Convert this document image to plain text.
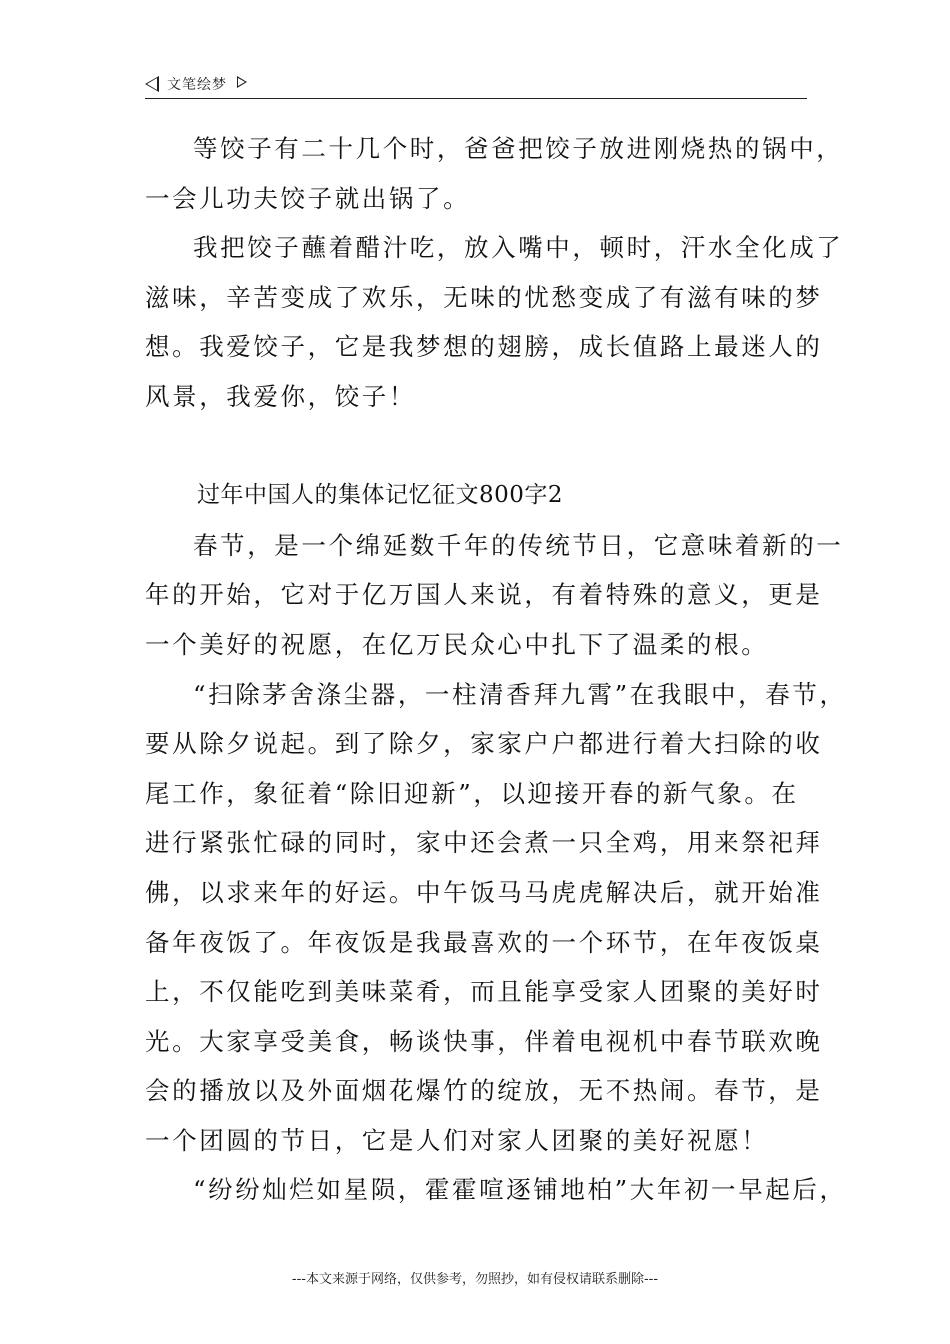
文笔绘梦
等饺子有二十几个时，爸爸把饺子放进刚烧热的锅中，
一会儿功夫饺子就出锅了。
我把饺子蘸着醋汁吃，放入嘴中，顿时，汗水全化成了
滋味，辛苦变成了欢乐，无味的忧愁变成了有滋有味的梦
想。我爱饺子，它是我梦想的翅膀，成长值路上最迷人的
风景，我爱你，饺子！
过年中国人的集体记忆征文800字2
春节，是一个绵延数千年的传统节日，它意味着新的一
年的开始，它对于亿万国人来说，有着特殊的意义，更是
一个美好的祝愿，在亿万民众心中扎下了温柔的根。
“扫除茅舍涤尘器，一柱清香拜九霄”在我眼中，春节，
要从除夕说起。到了除夕，家家户户都进行着大扫除的收
尾工作，象征着“除旧迎新”，以迎接开春的新气象。在
进行紧张忙碌的同时，家中还会煮一只全鸡，用来祭祀拜
佛，以求来年的好运。中午饭马马虎虎解决后，就开始准
备年夜饭了。年夜饭是我最喜欢的一个环节，在年夜饭桌
上，不仅能吃到美味菜肴，而且能享受家人团聚的美好时
光。大家享受美食，畅谈快事，伴着电视机中春节联欢晚
会的播放以及外面烟花爆竹的绽放，无不热闹。春节，是
一个团圆的节日，它是人们对家人团聚的美好祝愿！
“纷纷灿烂如星陨，霍霍喧逐铺地柏”大年初一早起后，
---本文来源于网络，仅供参考，勿照抄，如有侵权请联系删除---
